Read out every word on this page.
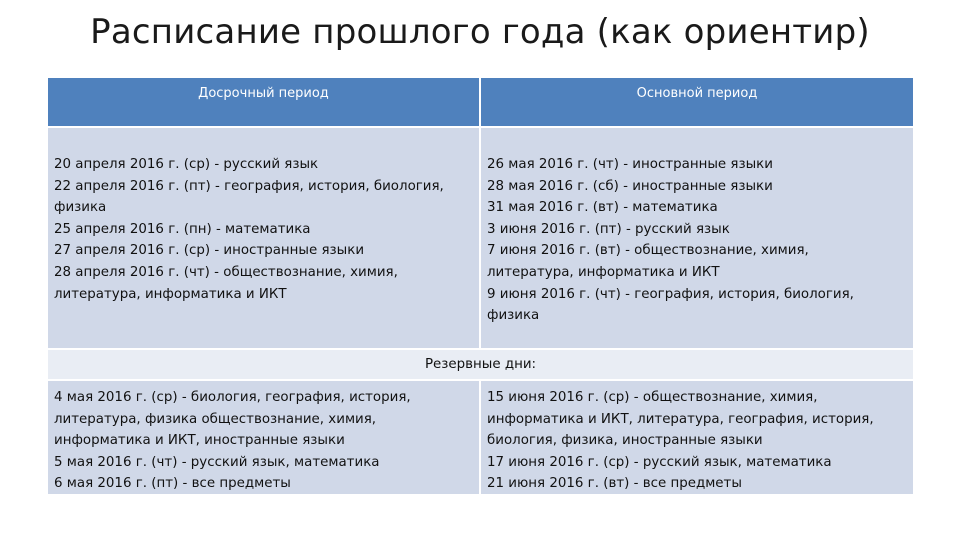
Расписание прошлого года (как ориентир)
Досрочный период	Основной период
20 апреля 2016 г. (ср) - русский язык
22 апреля 2016 г. (пт) - география, история, биология,
физика
25 апреля 2016 г. (пн) - математика
27 апреля 2016 г. (ср) - иностранные языки
28 апреля 2016 г. (чт) - обществознание, химия,
литература, информатика и ИКТ
26 мая 2016 г. (чт) - иностранные языки
28 мая 2016 г. (сб) - иностранные языки
31 мая 2016 г. (вт) - математика
3 июня 2016 г. (пт) - русский язык
7 июня 2016 г. (вт) - обществознание, химия,
литература, информатика и ИКТ
9 июня 2016 г. (чт) - география, история, биология,
физика
Резервные дни:
4 мая 2016 г. (ср) - биология, география, история,
литература, физика обществознание, химия,
информатика и ИКТ, иностранные языки
5 мая 2016 г. (чт) - русский язык, математика
6 мая 2016 г. (пт) - все предметы
15 июня 2016 г. (ср) - обществознание, химия,
информатика и ИКТ, литература, география, история,
биология, физика, иностранные языки
17 июня 2016 г. (ср) - русский язык, математика
21 июня 2016 г. (вт) - все предметы
